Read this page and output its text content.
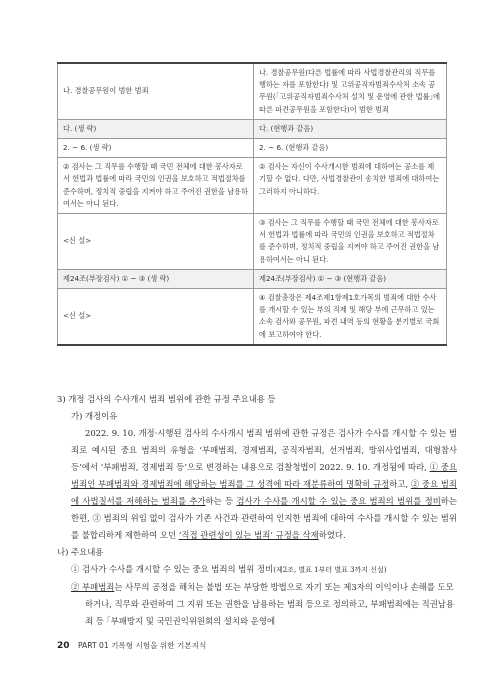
나. 경찰공무원이 범한 범죄	나. 경찰공무원(다른 법률에 따라 사법경찰관리의 직무를 행하는 자를 포함한다) 및 고위공직자범죄수사처 소속 공무원(｢고위공직자범죄수사처 설치 및 운영에 관한 법률｣에 따른 파견공무원을 포함한다)이 범한 범죄
다. (생 략)	다. (현행과 같음)
2. ~ 6. (생 략)	2. ~ 6. (현행과 같음)
② 검사는 그 직무를 수행할 때 국민 전체에 대한 봉사자로서 헌법과 법률에 따라 국민의 인권을 보호하고 적법절차를 준수하며, 정치적 중립을 지켜야 하고 주어진 권한을 남용하여서는 아니 된다.	② 검사는 자신이 수사개시한 범죄에 대하여는 공소를 제기할 수 없다. 다만, 사법경찰관이 송치한 범죄에 대하여는 그러하지 아니하다.
<신 설>	③ 검사는 그 직무를 수행할 때 국민 전체에 대한 봉사자로서 헌법과 법률에 따라 국민의 인권을 보호하고 적법절차를 준수하며, 정치적 중립을 지켜야 하고 주어진 권한을 남용하여서는 아니 된다.
제24조(부장검사) ① ~ ③ (생 략)	제24조(부장검사) ① ~ ③ (현행과 같음)
<신 설>	④ 검찰총장은 제4조제1항제1호가목의 범죄에 대한 수사를 개시할 수 있는 부의 직제 및 해당 부에 근무하고 있는 소속 검사와 공무원, 파견 내역 등의 현황을 분기별로 국회에 보고하여야 한다.

3) 개정 검사의 수사개시 범죄 범위에 관한 규정 주요내용 등

가) 개정이유

2022. 9. 10. 개정·시행된 검사의 수사개시 범죄 범위에 관한 규정은 검사가 수사를 개시할 수 있는 범죄로 예시된 중요 범죄의 유형을 ‘부패범죄, 경제범죄, 공직자범죄, 선거범죄, 방위사업범죄, 대형참사 등’에서 ‘부패범죄, 경제범죄 등’으로 변경하는 내용으로 검찰청법이 2022. 9. 10. 개정됨에 따라, ① 중요 범죄인 부패범죄와 경제범죄에 해당하는 범죄를 그 성격에 따라 재분류하여 명확히 규정하고, ② 중요 범죄에 사법질서를 저해하는 범죄를 추가하는 등 검사가 수사를 개시할 수 있는 중요 범죄의 범위를 정비하는 한편, ③ 범죄의 위임 없이 검사가 기존 사건과 관련하여 인지한 범죄에 대하여 수사를 개시할 수 있는 범위를 불합리하게 제한하여 오던 ‘직접 관련성이 있는 범죄’ 규정을 삭제하였다.

나) 주요내용

① 검사가 수사를 개시할 수 있는 중요 범죄의 범위 정비(제2조, 별표 1부터 별표 3까지 신설)

② 부패범죄는 사무의 공정을 해치는 불법 또는 부당한 방법으로 자기 또는 제3자의 이익이나 손해를 도모하거나, 직무와 관련하여 그 지위 또는 권한을 남용하는 범죄 등으로 정의하고, 부패범죄에는 직권남용죄 등 ｢부패방지 및 국민권익위원회의 설치와 운영에

20 PART 01 기록형 시험을 위한 기본지식
